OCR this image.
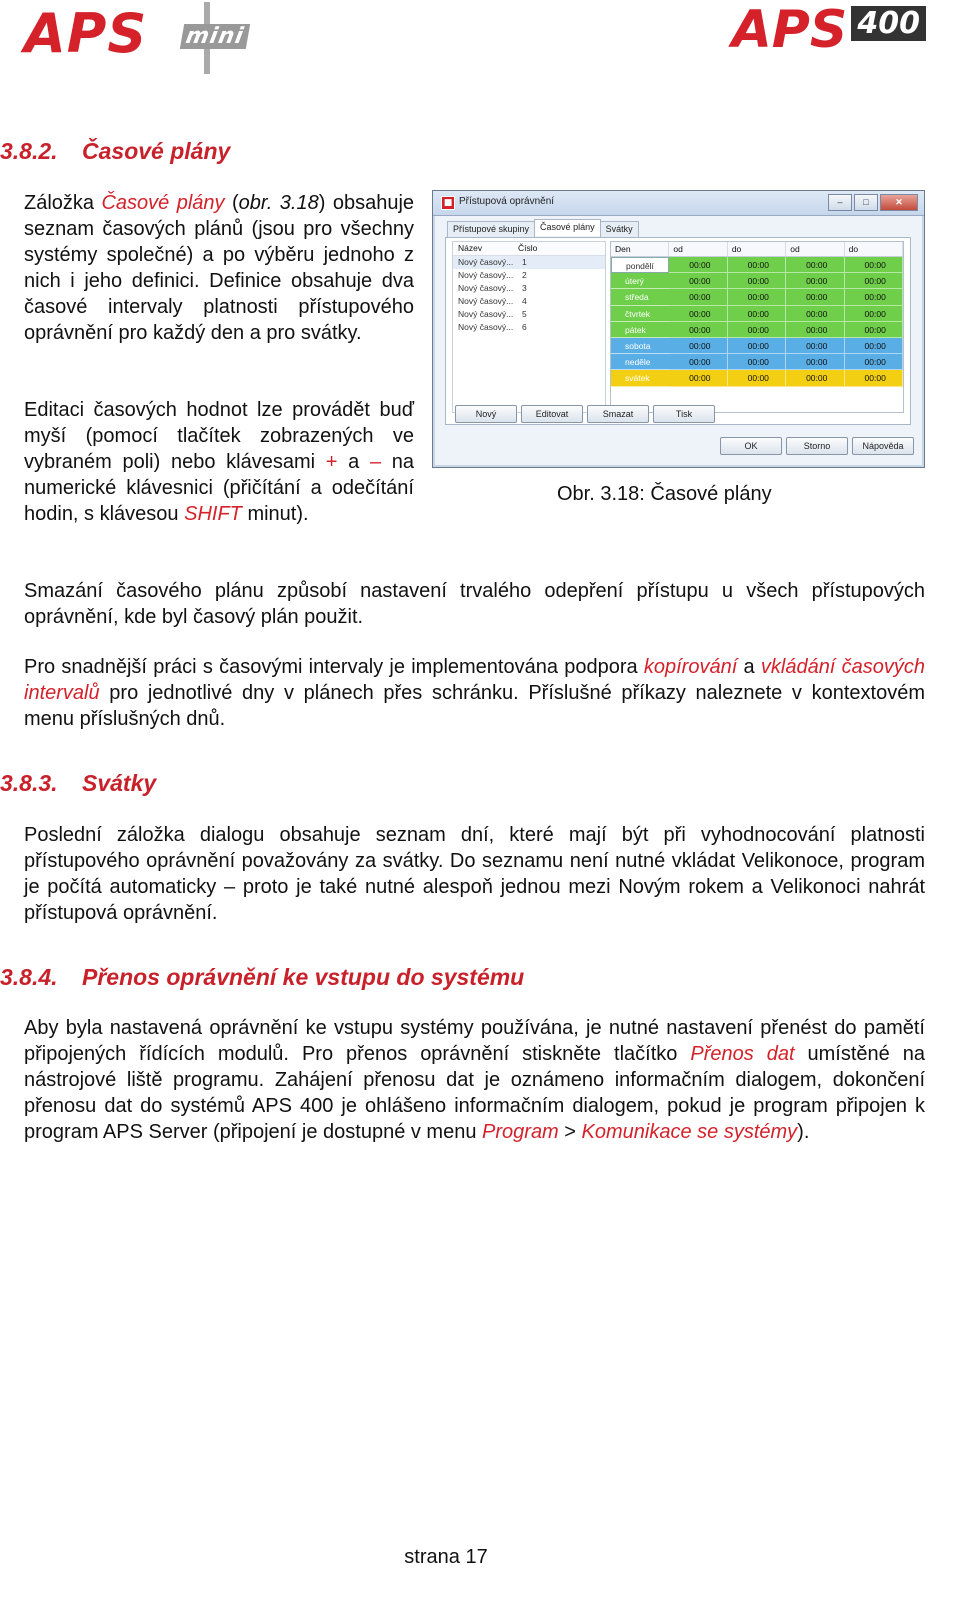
APS mini	APS $^{400}$
3.8.2. Časové plány

Záložka Časové plány (obr. 3.18) obsahuje seznam časových plánů (jsou pro všechny systémy společné) a po výběru jednoho z nich i jeho definici. Definice obsahuje dva časové intervaly platnosti přístupového oprávnění pro každý den a pro svátky.

Editaci časových hodnot lze provádět buď myší (pomocí tlačítek zobrazených ve vybraném poli) nebo klávesami + a – na numerické klávesnici (přičítání a odečítání hodin, s klávesou SHIFT minut).

■ Přístupová oprávnění	–	□	✕
Přístupové skupiny	Časové plány	Svátky
Název	Číslo
Nový časový...	1
Nový časový...	2
Nový časový...	3
Nový časový...	4
Nový časový...	5
Nový časový...	6
Den	od	do	od	do
pondělí	00:00	00:00	00:00	00:00
úterý	00:00	00:00	00:00	00:00
středa	00:00	00:00	00:00	00:00
čtvrtek	00:00	00:00	00:00	00:00
pátek	00:00	00:00	00:00	00:00
sobota	00:00	00:00	00:00	00:00
neděle	00:00	00:00	00:00	00:00
svátek	00:00	00:00	00:00	00:00
Nový	Editovat	Smazat	Tisk
OK	Storno	Nápověda
Obr. 3.18: Časové plány

Smazání časového plánu způsobí nastavení trvalého odepření přístupu u všech přístupových oprávnění, kde byl časový plán použit.

Pro snadnější práci s časovými intervaly je implementována podpora kopírování a vkládání časových intervalů pro jednotlivé dny v plánech přes schránku. Příslušné příkazy naleznete v kontextovém menu příslušných dnů.

3.8.3. Svátky

Poslední záložka dialogu obsahuje seznam dní, které mají být při vyhodnocování platnosti přístupového oprávnění považovány za svátky. Do seznamu není nutné vkládat Velikonoce, program je počítá automaticky – proto je také nutné alespoň jednou mezi Novým rokem a Velikonoci nahrát přístupová oprávnění.

3.8.4. Přenos oprávnění ke vstupu do systému

Aby byla nastavená oprávnění ke vstupu systémy používána, je nutné nastavení přenést do pamětí připojených řídících modulů. Pro přenos oprávnění stiskněte tlačítko Přenos dat umístěné na nástrojové liště programu. Zahájení přenosu dat je oznámeno informačním dialogem, dokončení přenosu dat do systémů APS 400 je ohlášeno informačním dialogem, pokud je program připojen k program APS Server (připojení je dostupné v menu Program > Komunikace se systémy).

strana 17
